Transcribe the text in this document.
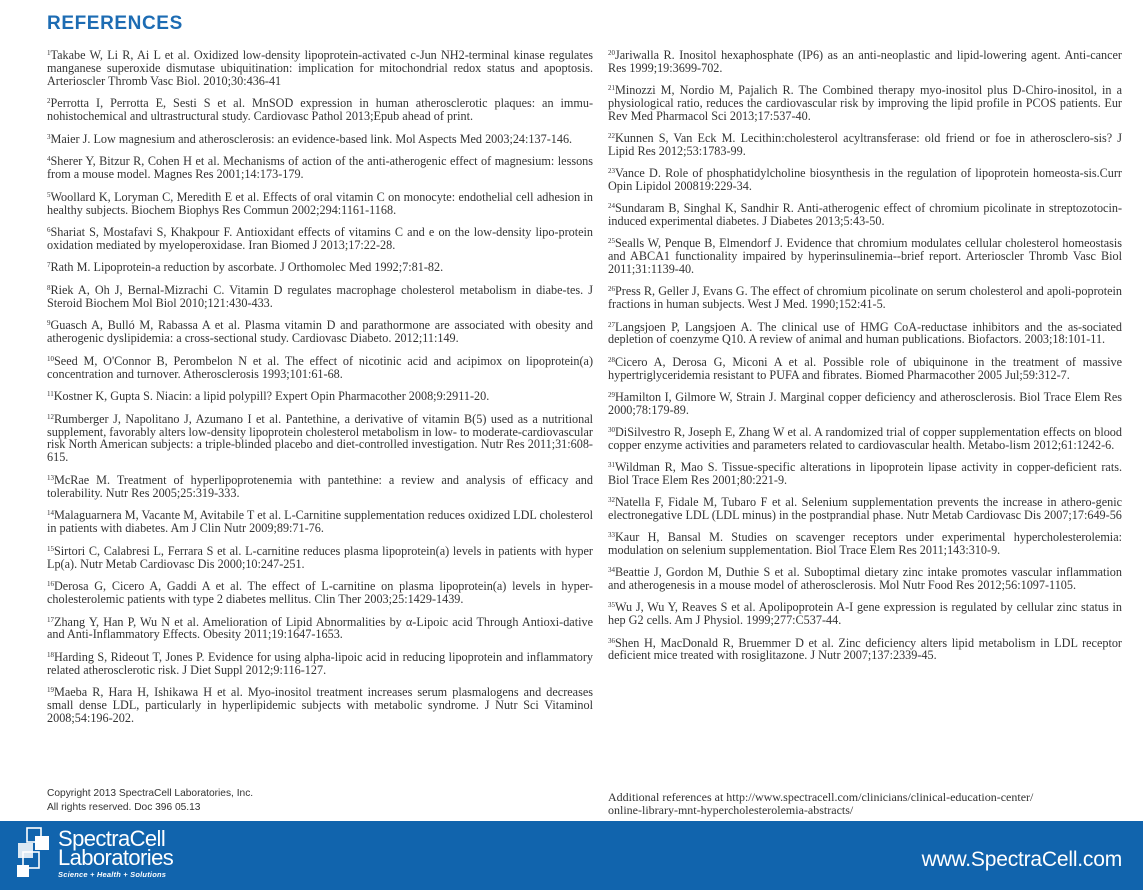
REFERENCES
$^1$Takabe W, Li R, Ai L et al. Oxidized low-density lipoprotein-activated c-Jun NH2-terminal kinase regulates manganese superoxide dismutase ubiquitination: implication for mitochondrial redox status and apoptosis. Arterioscler Thromb Vasc Biol. 2010;30:436-41
$^2$Perrotta I, Perrotta E, Sesti S et al. MnSOD expression in human atherosclerotic plaques: an immu-nohistochemical and ultrastructural study. Cardiovasc Pathol 2013;Epub ahead of print.
$^3$Maier J. Low magnesium and atherosclerosis: an evidence-based link. Mol Aspects Med 2003;24:137-146.
$^4$Sherer Y, Bitzur R, Cohen H et al. Mechanisms of action of the anti-atherogenic effect of magnesium: lessons from a mouse model. Magnes Res 2001;14:173-179.
$^5$Woollard K, Loryman C, Meredith E et al. Effects of oral vitamin C on monocyte: endothelial cell adhesion in healthy subjects. Biochem Biophys Res Commun 2002;294:1161-1168.
$^6$Shariat S, Mostafavi S, Khakpour F. Antioxidant effects of vitamins C and e on the low-density lipo-protein oxidation mediated by myeloperoxidase. Iran Biomed J 2013;17:22-28.
$^7$Rath M. Lipoprotein-a reduction by ascorbate. J Orthomolec Med 1992;7:81-82.
$^8$Riek A, Oh J, Bernal-Mizrachi C. Vitamin D regulates macrophage cholesterol metabolism in diabe-tes. J Steroid Biochem Mol Biol 2010;121:430-433.
$^9$Guasch A, Bulló M, Rabassa A et al. Plasma vitamin D and parathormone are associated with obesity and atherogenic dyslipidemia: a cross-sectional study. Cardiovasc Diabeto. 2012;11:149.
$^{10}$Seed M, O'Connor B, Perombelon N et al. The effect of nicotinic acid and acipimox on lipoprotein(a) concentration and turnover. Atherosclerosis 1993;101:61-68.
$^{11}$Kostner K, Gupta S. Niacin: a lipid polypill? Expert Opin Pharmacother 2008;9:2911-20.
$^{12}$Rumberger J, Napolitano J, Azumano I et al. Pantethine, a derivative of vitamin B(5) used as a nutritional supplement, favorably alters low-density lipoprotein cholesterol metabolism in low- to moderate-cardiovascular risk North American subjects: a triple-blinded placebo and diet-controlled investigation. Nutr Res 2011;31:608-615.
$^{13}$McRae M. Treatment of hyperlipoprotenemia with pantethine: a review and analysis of efficacy and tolerability. Nutr Res 2005;25:319-333.
$^{14}$Malaguarnera M, Vacante M, Avitabile T et al. L-Carnitine supplementation reduces oxidized LDL cholesterol in patients with diabetes. Am J Clin Nutr 2009;89:71-76.
$^{15}$Sirtori C, Calabresi L, Ferrara S et al. L-carnitine reduces plasma lipoprotein(a) levels in patients with hyper Lp(a). Nutr Metab Cardiovasc Dis 2000;10:247-251.
$^{16}$Derosa G, Cicero A, Gaddi A et al. The effect of L-carnitine on plasma lipoprotein(a) levels in hyper-cholesterolemic patients with type 2 diabetes mellitus. Clin Ther 2003;25:1429-1439.
$^{17}$Zhang Y, Han P, Wu N et al. Amelioration of Lipid Abnormalities by α-Lipoic acid Through Antioxi-dative and Anti-Inflammatory Effects. Obesity 2011;19:1647-1653.
$^{18}$Harding S, Rideout T, Jones P. Evidence for using alpha-lipoic acid in reducing lipoprotein and inflammatory related atherosclerotic risk. J Diet Suppl 2012;9:116-127.
$^{19}$Maeba R, Hara H, Ishikawa H et al. Myo-inositol treatment increases serum plasmalogens and decreases small dense LDL, particularly in hyperlipidemic subjects with metabolic syndrome. J Nutr Sci Vitaminol 2008;54:196-202.
$^{20}$Jariwalla R. Inositol hexaphosphate (IP6) as an anti-neoplastic and lipid-lowering agent. Anti-cancer Res 1999;19:3699-702.
$^{21}$Minozzi M, Nordio M, Pajalich R. The Combined therapy myo-inositol plus D-Chiro-inositol, in a physiological ratio, reduces the cardiovascular risk by improving the lipid profile in PCOS patients. Eur Rev Med Pharmacol Sci 2013;17:537-40.
$^{22}$Kunnen S, Van Eck M. Lecithin:cholesterol acyltransferase: old friend or foe in atherosclero-sis? J Lipid Res 2012;53:1783-99.
$^{23}$Vance D. Role of phosphatidylcholine biosynthesis in the regulation of lipoprotein homeosta-sis.Curr Opin Lipidol 200819:229-34.
$^{24}$Sundaram B, Singhal K, Sandhir R. Anti-atherogenic effect of chromium picolinate in streptozotocin-induced experimental diabetes. J Diabetes 2013;5:43-50.
$^{25}$Sealls W, Penque B, Elmendorf J. Evidence that chromium modulates cellular cholesterol homeostasis and ABCA1 functionality impaired by hyperinsulinemia--brief report. Arterioscler Thromb Vasc Biol 2011;31:1139-40.
$^{26}$Press R, Geller J, Evans G. The effect of chromium picolinate on serum cholesterol and apoli-poprotein fractions in human subjects. West J Med. 1990;152:41-5.
$^{27}$Langsjoen P, Langsjoen A. The clinical use of HMG CoA-reductase inhibitors and the as-sociated depletion of coenzyme Q10. A review of animal and human publications. Biofactors. 2003;18:101-11.
$^{28}$Cicero A, Derosa G, Miconi A et al. Possible role of ubiquinone in the treatment of massive hypertriglyceridemia resistant to PUFA and fibrates. Biomed Pharmacother 2005 Jul;59:312-7.
$^{29}$Hamilton I, Gilmore W, Strain J. Marginal copper deficiency and atherosclerosis. Biol Trace Elem Res 2000;78:179-89.
$^{30}$DiSilvestro R, Joseph E, Zhang W et al. A randomized trial of copper supplementation effects on blood copper enzyme activities and parameters related to cardiovascular health. Metabo-lism 2012;61:1242-6.
$^{31}$Wildman R, Mao S. Tissue-specific alterations in lipoprotein lipase activity in copper-deficient rats. Biol Trace Elem Res 2001;80:221-9.
$^{32}$Natella F, Fidale M, Tubaro F et al. Selenium supplementation prevents the increase in athero-genic electronegative LDL (LDL minus) in the postprandial phase. Nutr Metab Cardiovasc Dis 2007;17:649-56
$^{33}$Kaur H, Bansal M. Studies on scavenger receptors under experimental hypercholesterolemia: modulation on selenium supplementation. Biol Trace Elem Res 2011;143:310-9.
$^{34}$Beattie J, Gordon M, Duthie S et al. Suboptimal dietary zinc intake promotes vascular inflammation and atherogenesis in a mouse model of atherosclerosis. Mol Nutr Food Res 2012;56:1097-1105.
$^{35}$Wu J, Wu Y, Reaves S et al. Apolipoprotein A-I gene expression is regulated by cellular zinc status in hep G2 cells. Am J Physiol. 1999;277:C537-44.
$^{36}$Shen H, MacDonald R, Bruemmer D et al. Zinc deficiency alters lipid metabolism in LDL receptor deficient mice treated with rosiglitazone. J Nutr 2007;137:2339-45.
Copyright 2013 SpectraCell Laboratories, Inc.
All rights reserved. Doc 396 05.13
Additional references at http://www.spectracell.com/clinicians/clinical-education-center/
online-library-mnt-hypercholesterolemia-abstracts/
SpectraCell
Laboratories
Science + Health + Solutions
www.SpectraCell.com
